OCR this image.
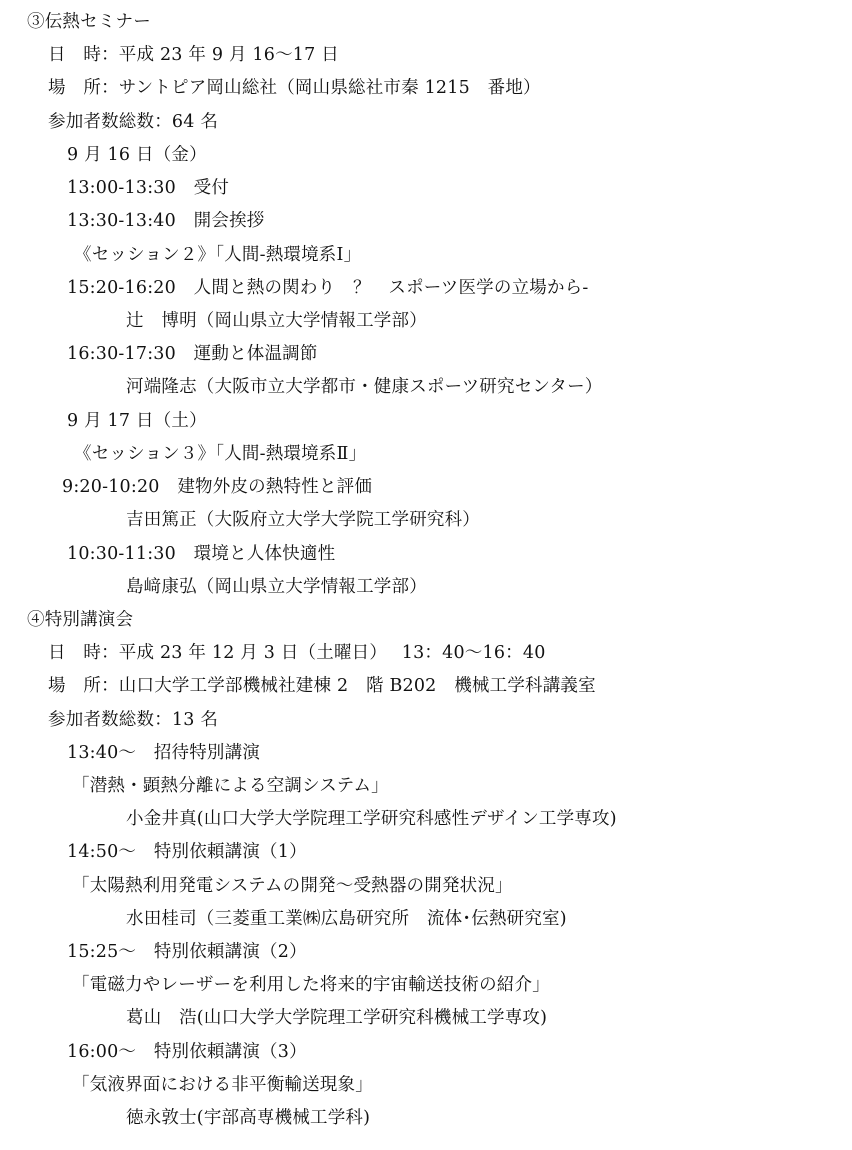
③伝熱セミナー
日　時：平成 23 年 9 月 16～17 日
場　所：サントピア岡山総社（岡山県総社市秦 1215　番地）
参加者数総数：64 名
9 月 16 日（金）
13:00-13:30　受付
13:30-13:40　開会挨拶
《セッション２》「人間-熱環境系Ⅰ」
15:20-16:20　人間と熱の関わり　？　スポーツ医学の立場から-
辻　博明（岡山県立大学情報工学部）
16:30-17:30　運動と体温調節
河端隆志（大阪市立大学都市・健康スポーツ研究センター）
9 月 17 日（土）
《セッション３》「人間-熱環境系Ⅱ」
9:20-10:20　建物外皮の熱特性と評価
吉田篤正（大阪府立大学大学院工学研究科）
10:30-11:30　環境と人体快適性
島﨑康弘（岡山県立大学情報工学部）
④特別講演会
日　時：平成 23 年 12 月 3 日（土曜日）　 13：40～16：40
場　所：山口大学工学部機械社建棟 2　階 B202　機械工学科講義室
参加者数総数：13 名
13:40～　招待特別講演
「潜熱・顕熱分離による空調システム」
小金井真(山口大学大学院理工学研究科感性デザイン工学専攻)
14:50～　特別依頼講演（1）
「太陽熱利用発電システムの開発～受熱器の開発状況」
水田桂司（三菱重工業㈱広島研究所　流体･伝熱研究室)
15:25～　特別依頼講演（2）
「電磁力やレーザーを利用した将来的宇宙輸送技術の紹介」
葛山　浩(山口大学大学院理工学研究科機械工学専攻)
16:00～　特別依頼講演（3）
「気液界面における非平衡輸送現象」
徳永敦士(宇部高専機械工学科)
